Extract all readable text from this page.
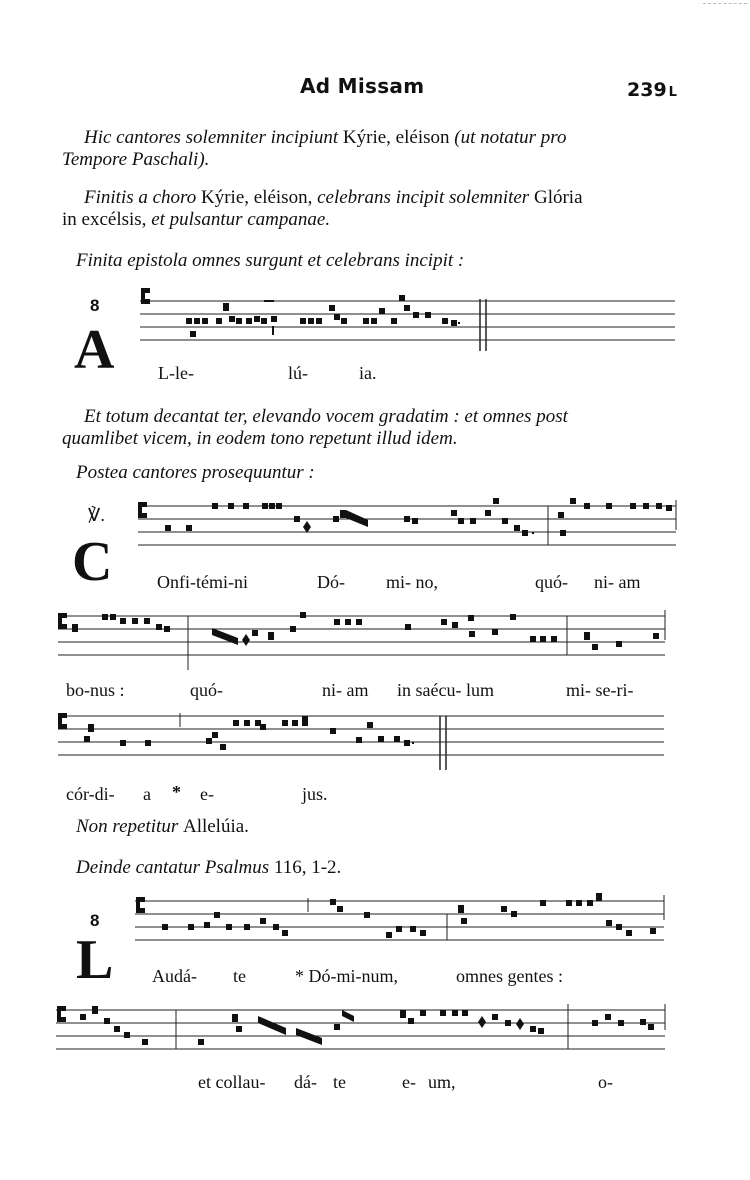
Ad Missam	239 L
Hic cantores solemniter incipiunt Kýrie, eléison (ut notatur pro
Tempore Paschali).
Finitis a choro Kýrie, eléison, celebrans incipit solemniter Glória
in excélsis, et pulsantur campanae.
Finita epistola omnes surgunt et celebrans incipit :
Et totum decantat ter, elevando vocem gradatim : et omnes post
quamlibet vicem, in eodem tono repetunt illud idem.
Postea cantores prosequuntur :
Non repetitur Allelúia.
Deinde cantatur Psalmus 116, 1-2.
8
A L-le-	lú-	ia.
℣.
C Onfi-témi-ni	Dó- mi- no,	quó- ni- am
bo-nus :	quó-	ni- am in saécu- lum	mi- se-ri-
cór-di- a * e-	jus.
8
L Audá- te	* Dó-mi-num,	omnes gentes :
et collau- dá- te	e- um,	o-
